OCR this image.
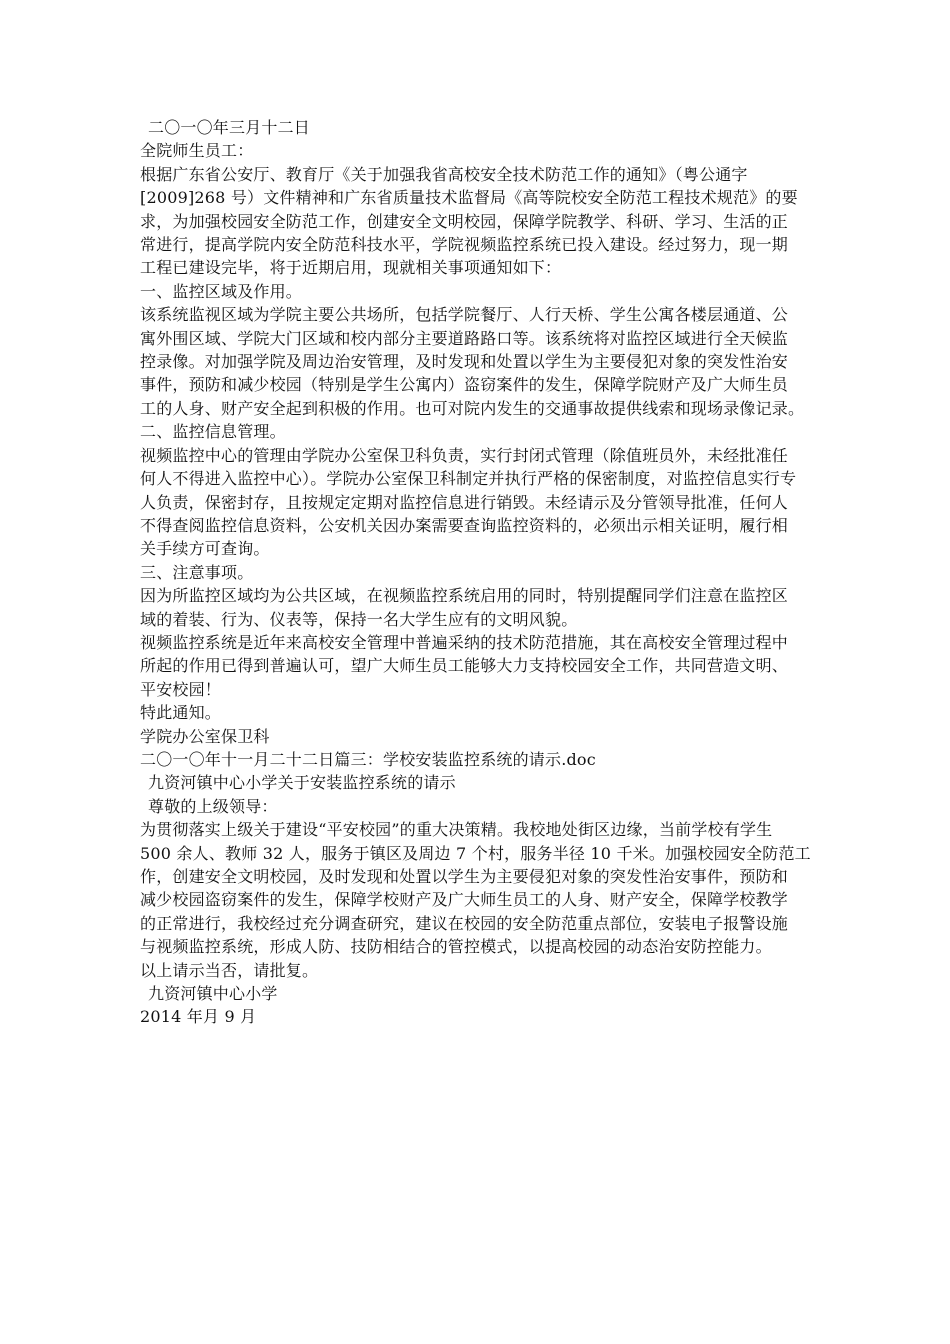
二〇一〇年三月十二日

全院师生员工：

根据广东省公安厅、教育厅《关于加强我省高校安全技术防范工作的通知》（粤公通字

[2009]268 号）文件精神和广东省质量技术监督局《高等院校安全防范工程技术规范》的要

求，为加强校园安全防范工作，创建安全文明校园，保障学院教学、科研、学习、生活的正

常进行，提高学院内安全防范科技水平，学院视频监控系统已投入建设。经过努力，现一期

工程已建设完毕，将于近期启用，现就相关事项通知如下：

一、监控区域及作用。

该系统监视区域为学院主要公共场所，包括学院餐厅、人行天桥、学生公寓各楼层通道、公

寓外围区域、学院大门区域和校内部分主要道路路口等。该系统将对监控区域进行全天候监

控录像。对加强学院及周边治安管理，及时发现和处置以学生为主要侵犯对象的突发性治安

事件，预防和减少校园（特别是学生公寓内）盗窃案件的发生，保障学院财产及广大师生员

工的人身、财产安全起到积极的作用。也可对院内发生的交通事故提供线索和现场录像记录。

二、监控信息管理。

视频监控中心的管理由学院办公室保卫科负责，实行封闭式管理（除值班员外，未经批准任

何人不得进入监控中心）。学院办公室保卫科制定并执行严格的保密制度，对监控信息实行专

人负责，保密封存，且按规定定期对监控信息进行销毁。未经请示及分管领导批准，任何人

不得查阅监控信息资料，公安机关因办案需要查询监控资料的，必须出示相关证明，履行相

关手续方可查询。

三、注意事项。

因为所监控区域均为公共区域，在视频监控系统启用的同时，特别提醒同学们注意在监控区

域的着装、行为、仪表等，保持一名大学生应有的文明风貌。

视频监控系统是近年来高校安全管理中普遍采纳的技术防范措施，其在高校安全管理过程中

所起的作用已得到普遍认可，望广大师生员工能够大力支持校园安全工作，共同营造文明、

平安校园！

特此通知。

学院办公室保卫科

二〇一〇年十一月二十二日篇三：学校安装监控系统的请示.doc

九资河镇中心小学关于安装监控系统的请示

尊敬的上级领导：

为贯彻落实上级关于建设“平安校园”的重大决策精。我校地处街区边缘，当前学校有学生

500 余人、教师 32 人，服务于镇区及周边 7 个村，服务半径 10 千米。加强校园安全防范工

作，创建安全文明校园，及时发现和处置以学生为主要侵犯对象的突发性治安事件，预防和

减少校园盗窃案件的发生，保障学校财产及广大师生员工的人身、财产安全，保障学校教学

的正常进行，我校经过充分调查研究，建议在校园的安全防范重点部位，安装电子报警设施

与视频监控系统，形成人防、技防相结合的管控模式，以提高校园的动态治安防控能力。

以上请示当否，请批复。

九资河镇中心小学

2014 年月 9 月
